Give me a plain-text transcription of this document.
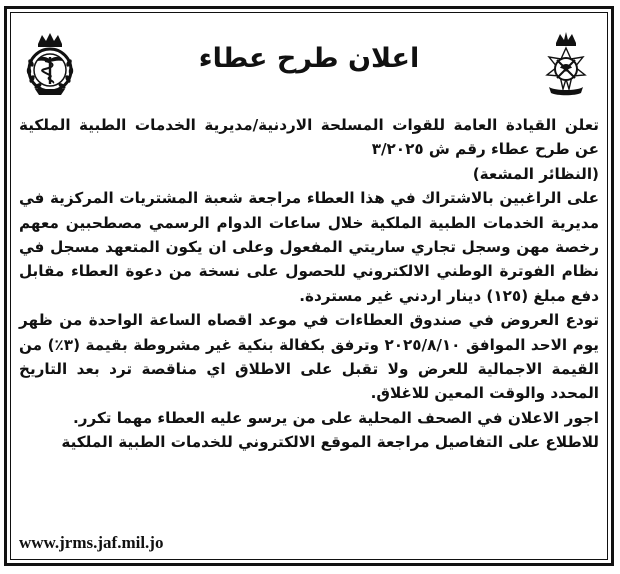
اعلان طرح عطاء

تعلن القيادة العامة للقوات المسلحة الاردنية/مديرية الخدمات الطبية الملكية عن طرح عطاء رقم ش ٣/٢٠٢٥

(النظائر المشعة)

على الراغبين بالاشتراك في هذا العطاء مراجعة شعبة المشتريات المركزية في مديرية الخدمات الطبية الملكية خلال ساعات الدوام الرسمي مصطحبين معهم رخصة مهن وسجل تجاري ساريتي المفعول وعلى ان يكون المتعهد مسجل في نظام الفوترة الوطني الالكتروني للحصول على نسخة من دعوة العطاء مقابل دفع مبلغ (١٢٥) دينار اردني غير مستردة.

تودع العروض في صندوق العطاءات في موعد اقصاه الساعة الواحدة من ظهر يوم الاحد الموافق ٢٠٢٥/٨/١٠ وترفق بكفالة بنكية غير مشروطة بقيمة (٣٪) من القيمة الاجمالية للعرض ولا تقبل على الاطلاق اي مناقصة ترد بعد التاريخ المحدد والوقت المعين للاغلاق.

اجور الاعلان في الصحف المحلية على من يرسو عليه العطاء مهما تكرر.

للاطلاع على التفاصيل مراجعة الموقع الالكتروني للخدمات الطبية الملكية

www.jrms.jaf.mil.jo
